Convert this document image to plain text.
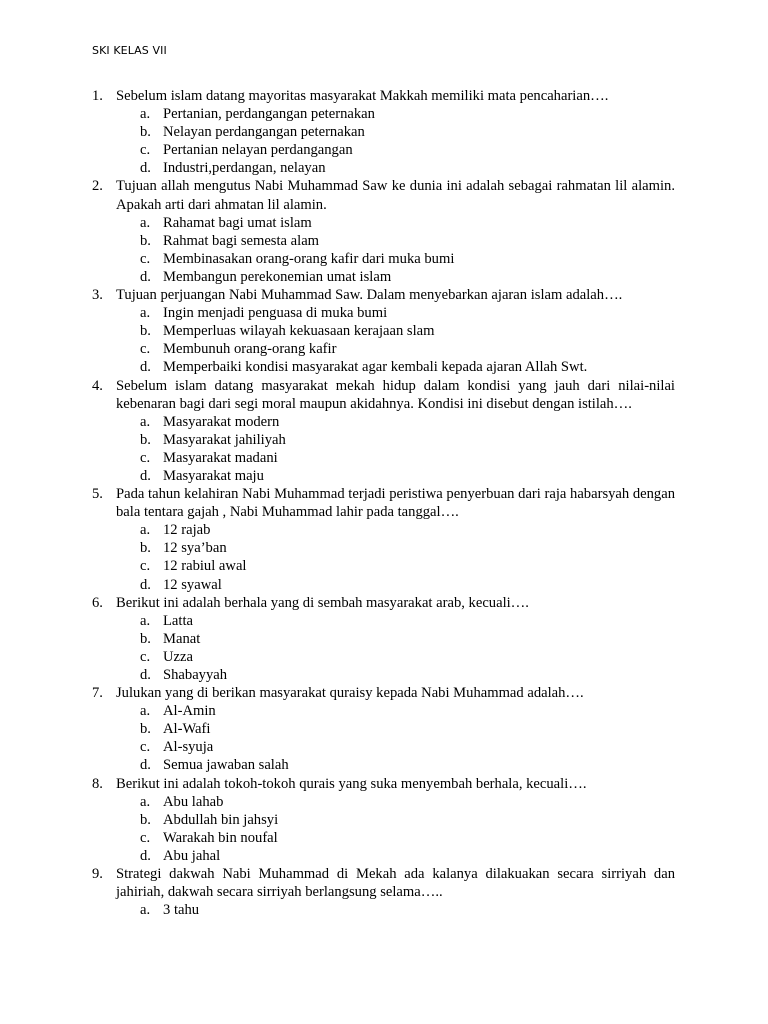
SKI KELAS VII
1. Sebelum islam datang mayoritas masyarakat Makkah memiliki mata pencaharian….
a. Pertanian, perdangangan peternakan
b. Nelayan perdangangan peternakan
c. Pertanian nelayan perdangangan
d. Industri,perdangan, nelayan
2. Tujuan allah mengutus Nabi Muhammad Saw ke dunia ini adalah sebagai rahmatan lil alamin. Apakah arti dari ahmatan lil alamin.
a. Rahamat bagi umat islam
b. Rahmat bagi semesta alam
c. Membinasakan orang-orang kafir dari muka bumi
d. Membangun perekonemian umat islam
3. Tujuan perjuangan Nabi Muhammad Saw. Dalam menyebarkan ajaran islam adalah….
a. Ingin menjadi penguasa di muka bumi
b. Memperluas wilayah kekuasaan kerajaan slam
c. Membunuh orang-orang kafir
d. Memperbaiki kondisi masyarakat agar kembali kepada ajaran Allah Swt.
4. Sebelum islam datang masyarakat mekah hidup dalam kondisi yang jauh dari nilai-nilai kebenaran bagi dari segi moral maupun akidahnya. Kondisi ini disebut dengan istilah….
a. Masyarakat modern
b. Masyarakat jahiliyah
c. Masyarakat madani
d. Masyarakat maju
5. Pada tahun kelahiran Nabi Muhammad terjadi peristiwa penyerbuan dari raja habarsyah dengan bala tentara gajah , Nabi Muhammad lahir pada tanggal….
a. 12 rajab
b. 12 sya’ban
c. 12 rabiul awal
d. 12 syawal
6. Berikut ini adalah berhala yang di sembah masyarakat arab, kecuali….
a. Latta
b. Manat
c. Uzza
d. Shabayyah
7. Julukan yang di berikan masyarakat quraisy kepada Nabi Muhammad adalah….
a. Al-Amin
b. Al-Wafi
c. Al-syuja
d. Semua jawaban salah
8. Berikut ini adalah tokoh-tokoh qurais yang suka menyembah berhala, kecuali….
a. Abu lahab
b. Abdullah bin jahsyi
c. Warakah bin noufal
d. Abu jahal
9. Strategi dakwah Nabi Muhammad di Mekah ada kalanya dilakuakan secara sirriyah dan jahiriah, dakwah secara sirriyah berlangsung selama…..
a. 3 tahu
